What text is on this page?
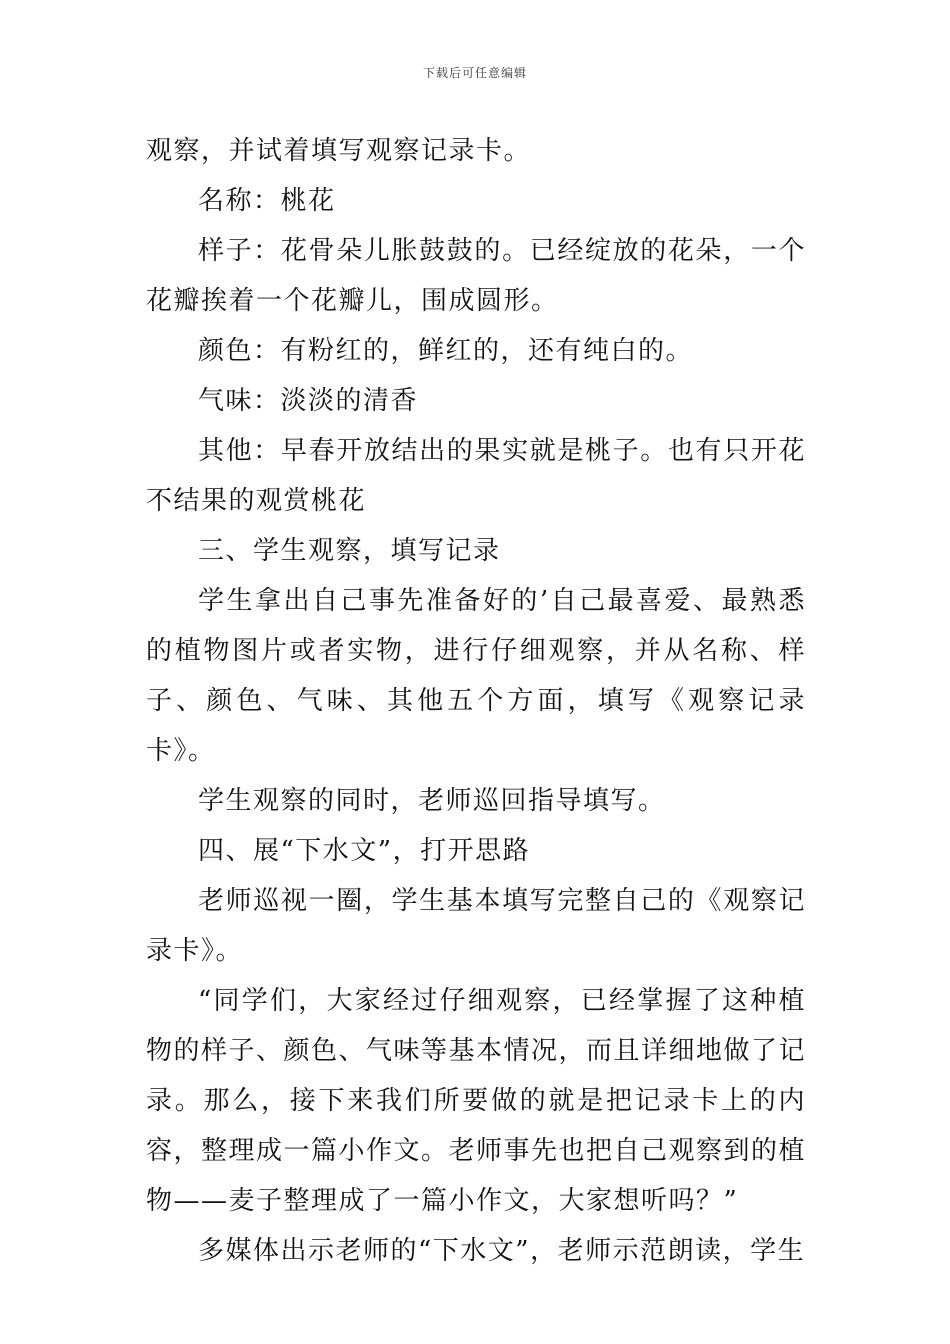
下载后可任意编辑

观察，并试着填写观察记录卡。

名称：桃花

样子：花骨朵儿胀鼓鼓的。已经绽放的花朵，一个花瓣挨着一个花瓣儿，围成圆形。

颜色：有粉红的，鲜红的，还有纯白的。

气味：淡淡的清香

其他：早春开放结出的果实就是桃子。也有只开花不结果的观赏桃花

三、学生观察，填写记录

学生拿出自己事先准备好的’自己最喜爱、最熟悉的植物图片或者实物，进行仔细观察，并从名称、样子、颜色、气味、其他五个方面，填写《观察记录卡》。

学生观察的同时，老师巡回指导填写。

四、展“下水文”，打开思路

老师巡视一圈，学生基本填写完整自己的《观察记录卡》。

“同学们，大家经过仔细观察，已经掌握了这种植物的样子、颜色、气味等基本情况，而且详细地做了记录。那么，接下来我们所要做的就是把记录卡上的内容，整理成一篇小作文。老师事先也把自己观察到的植物——麦子整理成了一篇小作文，大家想听吗？”

多媒体出示老师的“下水文”，老师示范朗读，学生
